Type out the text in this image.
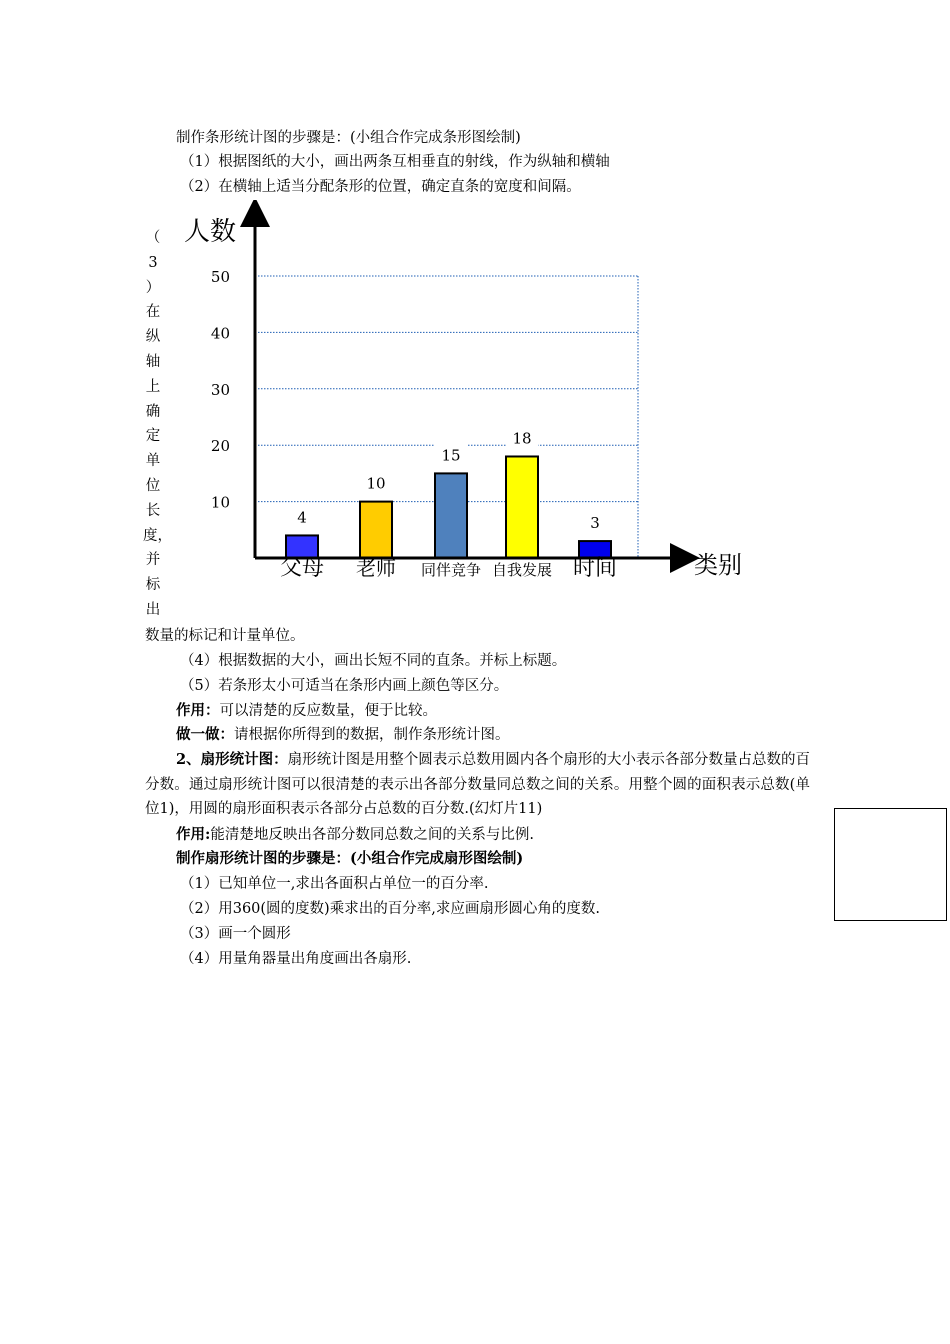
制作条形统计图的步骤是：(小组合作完成条形图绘制)
（1）根据图纸的大小，画出两条互相垂直的射线，作为纵轴和横轴
（2）在横轴上适当分配条形的位置，确定直条的宽度和间隔。
（
3
）
在
纵
轴
上
确
定
单
位
长
度，
并
标
出
人数
类别
10
20
30
40
50
4
父母
10
老师
15
同伴竞争
18
自我发展
3
时间
数量的标记和计量单位。
（4）根据数据的大小，画出长短不同的直条。并标上标题。
（5）若条形太小可适当在条形内画上颜色等区分。
作用：可以清楚的反应数量，便于比较。
做一做：请根据你所得到的数据，制作条形统计图。
2、扇形统计图：扇形统计图是用整个圆表示总数用圆内各个扇形的大小表示各部分数量占总数的百分数。通过扇形统计图可以很清楚的表示出各部分数量同总数之间的关系。用整个圆的面积表示总数(单位1)，用圆的扇形面积表示各部分占总数的百分数.(幻灯片11)
作用:能清楚地反映出各部分数同总数之间的关系与比例.
制作扇形统计图的步骤是：(小组合作完成扇形图绘制)
（1）已知单位一,求出各面积占单位一的百分率.
（2）用360(圆的度数)乘求出的百分率,求应画扇形圆心角的度数.
（3）画一个圆形
（4）用量角器量出角度画出各扇形.
